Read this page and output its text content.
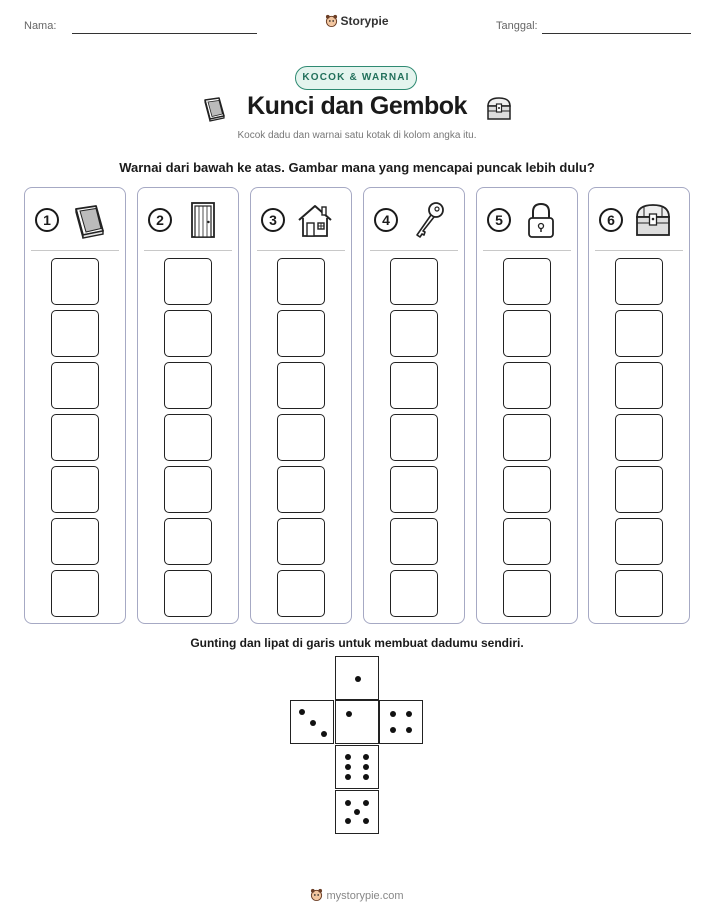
Nama:	Tanggal:
Storypie
KOCOK & WARNAI
Kunci dan Gembok
Kocok dadu dan warnai satu kotak di kolom angka itu.
Warnai dari bawah ke atas. Gambar mana yang mencapai puncak lebih dulu?
1	2	3	4	5	6
Gunting dan lipat di garis untuk membuat dadumu sendiri.
mystorypie.com
